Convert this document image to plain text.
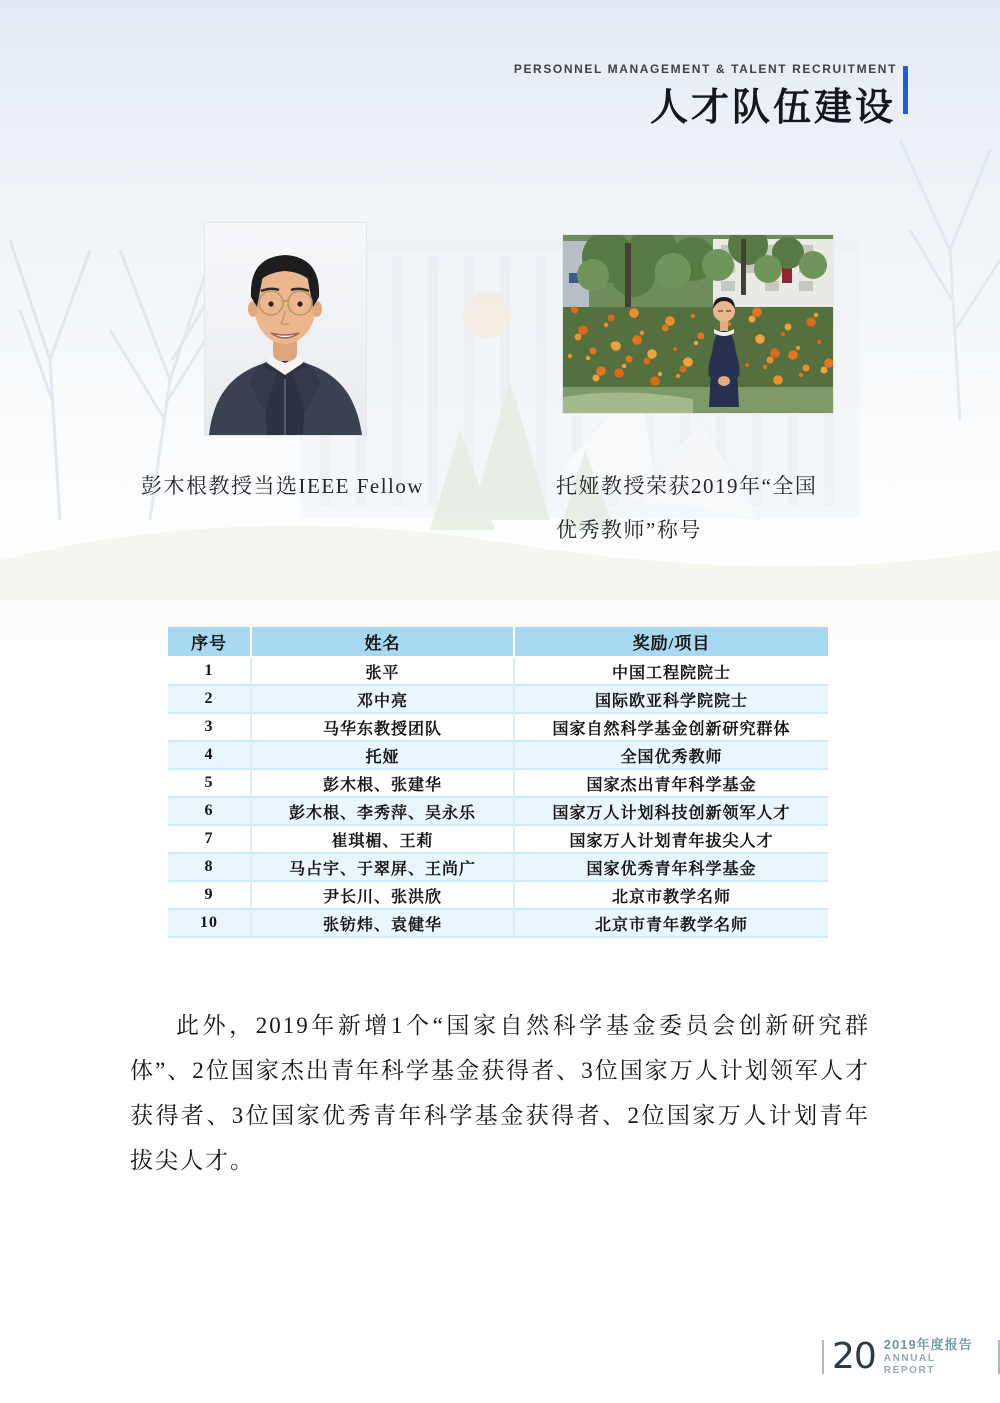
PERSONNEL MANAGEMENT & TALENT RECRUITMENT
人才队伍建设
彭木根教授当选IEEE Fellow	托娅教授荣获2019年“全国
优秀教师”称号
序号	姓名	奖励/项目
1	张平	中国工程院院士
2	邓中亮	国际欧亚科学院院士
3	马华东教授团队	国家自然科学基金创新研究群体
4	托娅	全国优秀教师
5	彭木根、张建华	国家杰出青年科学基金
6	彭木根、李秀萍、吴永乐	国家万人计划科技创新领军人才
7	崔琪楣、王莉	国家万人计划青年拔尖人才
8	马占宇、于翠屏、王尚广	国家优秀青年科学基金
9	尹长川、张洪欣	北京市教学名师
10	张钫炜、袁健华	北京市青年教学名师

此外，2019年新增1个“国家自然科学基金委员会创新研究群体”、2位国家杰出青年科学基金获得者、3位国家万人计划领军人才获得者、3位国家优秀青年科学基金获得者、2位国家万人计划青年拔尖人才。

20 2019年度报告
ANNUAL REPORT
